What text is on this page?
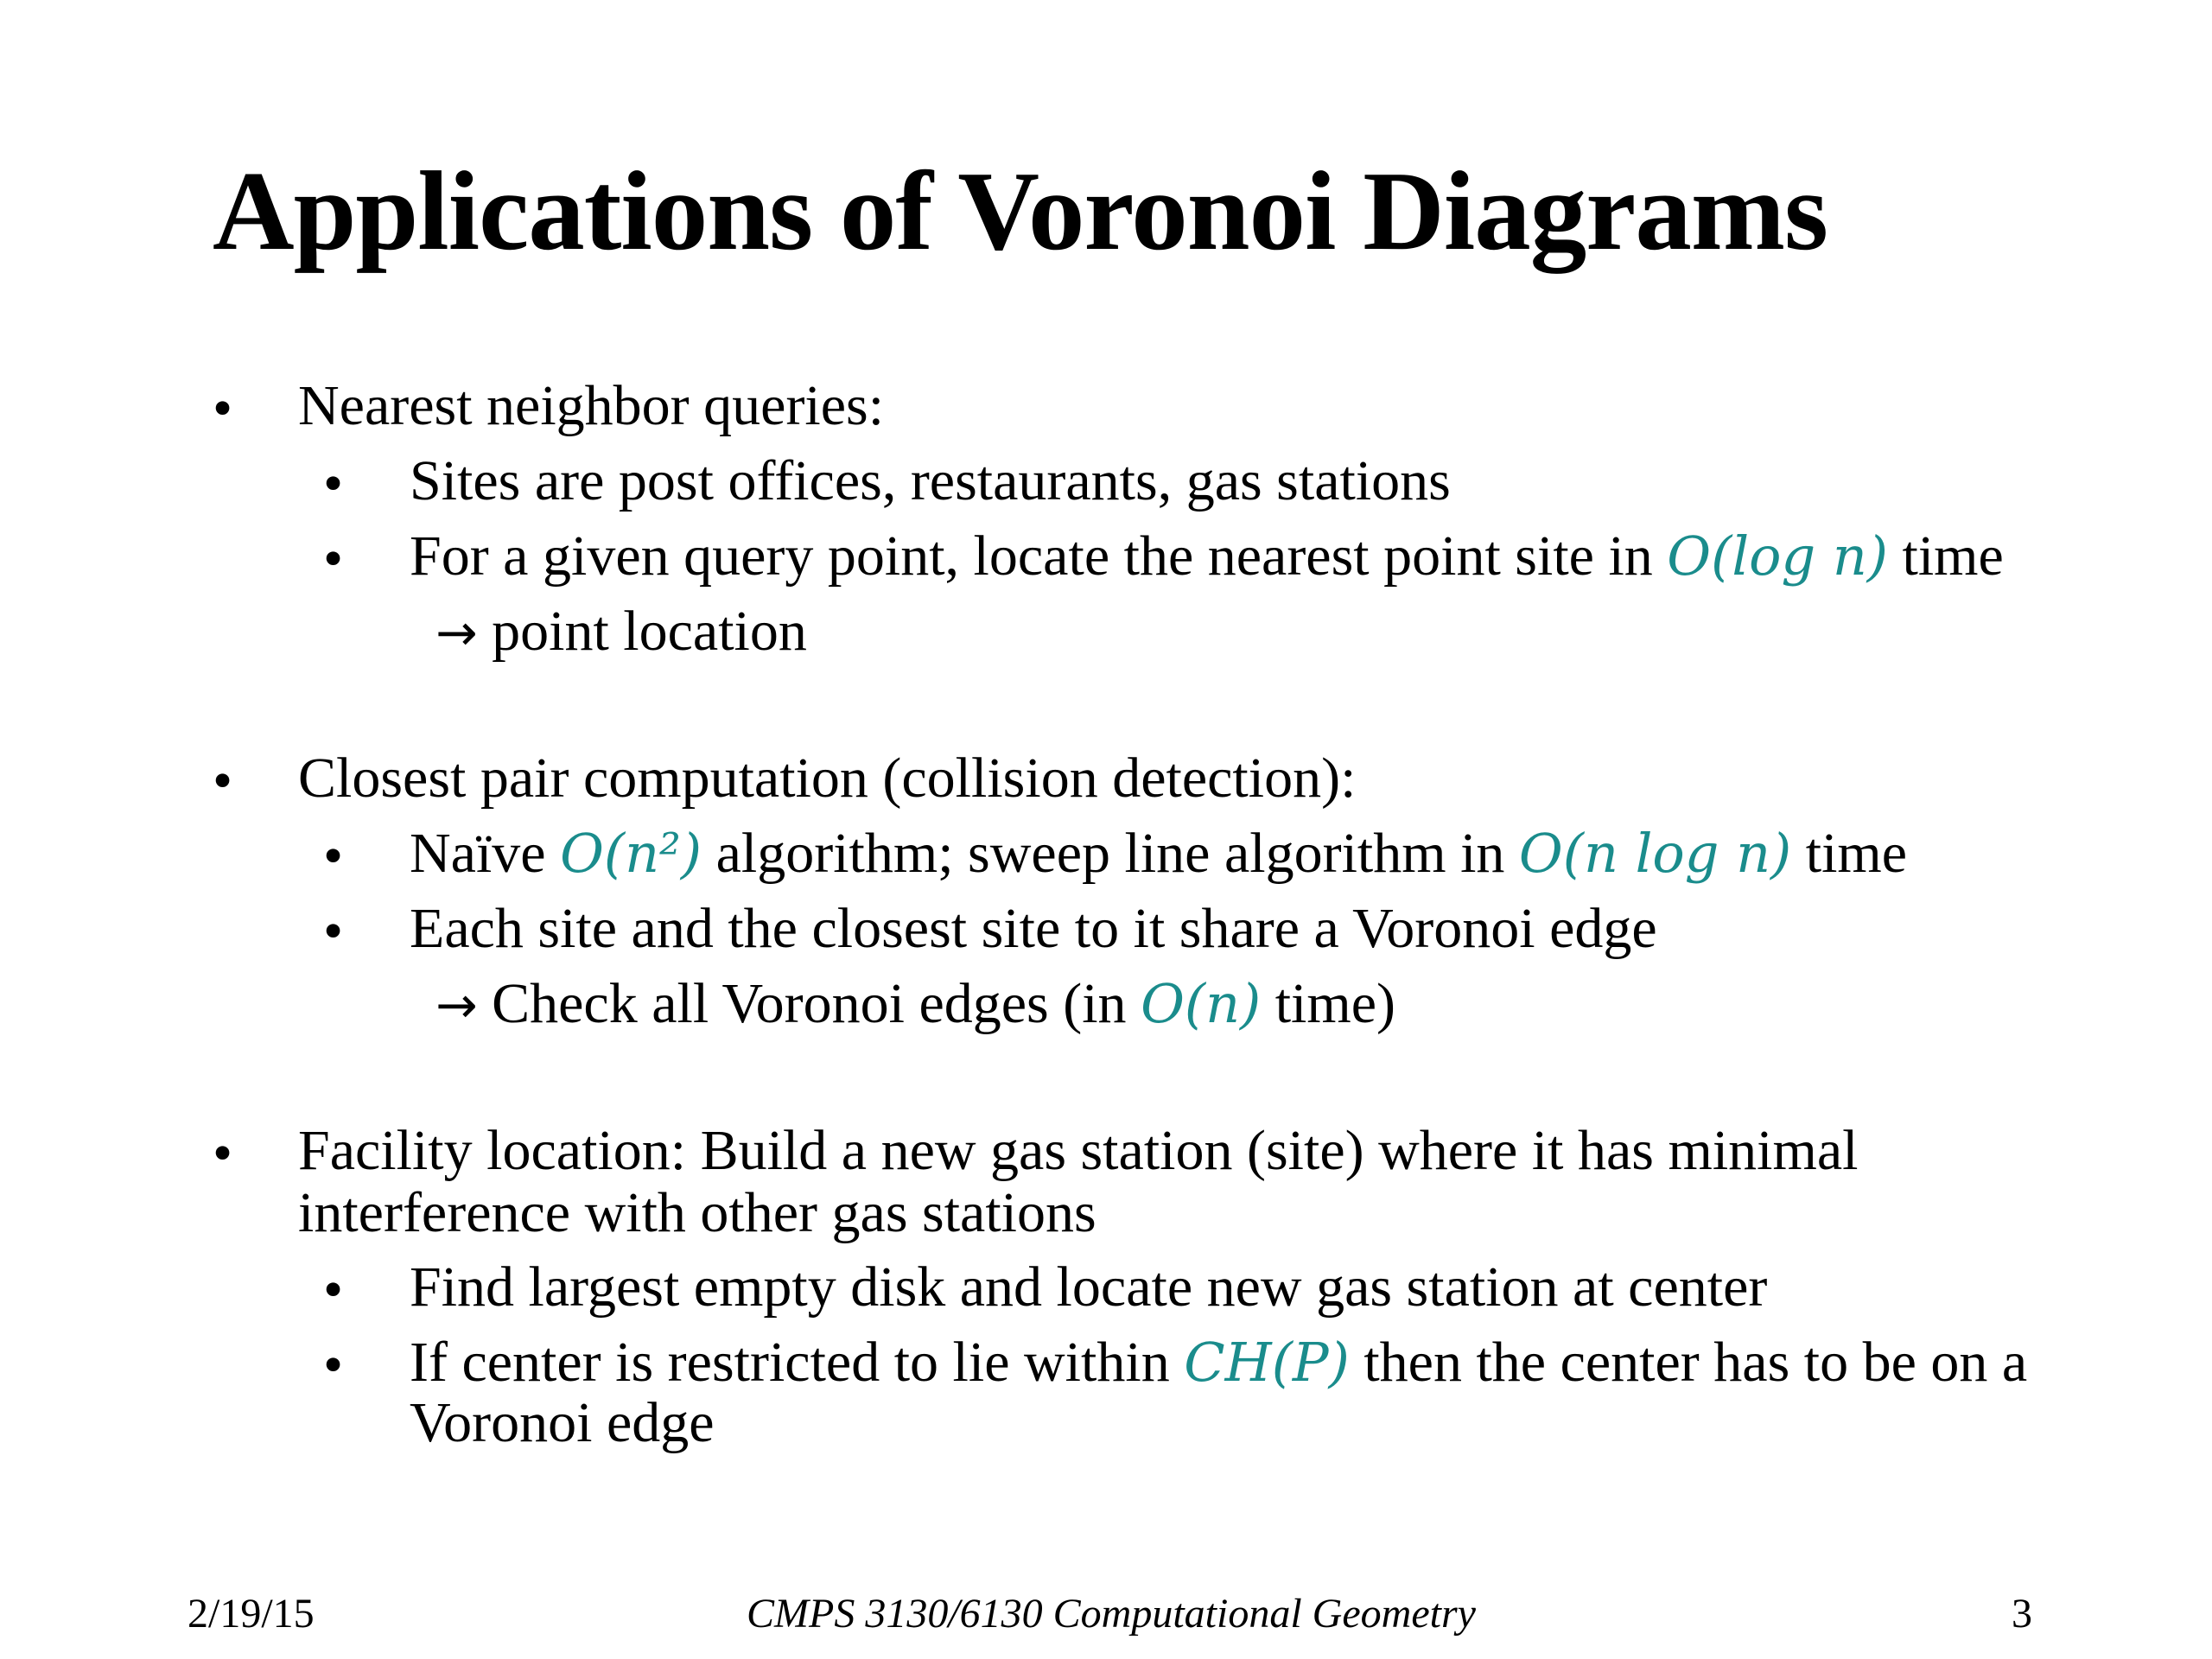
Applications of Voronoi Diagrams
• Nearest neighbor queries:
• Sites are post offices, restaurants, gas stations
• For a given query point, locate the nearest point site in O(log n) time
→ point location
• Closest pair computation (collision detection):
• Naïve O(n²) algorithm; sweep line algorithm in O(n log n) time
• Each site and the closest site to it share a Voronoi edge
→ Check all Voronoi edges (in O(n) time)
• Facility location: Build a new gas station (site) where it has minimal
interference with other gas stations
• Find largest empty disk and locate new gas station at center
• If center is restricted to lie within CH(P) then the center has to be on a
Voronoi edge
2/19/15	CMPS 3130/6130 Computational Geometry	3
